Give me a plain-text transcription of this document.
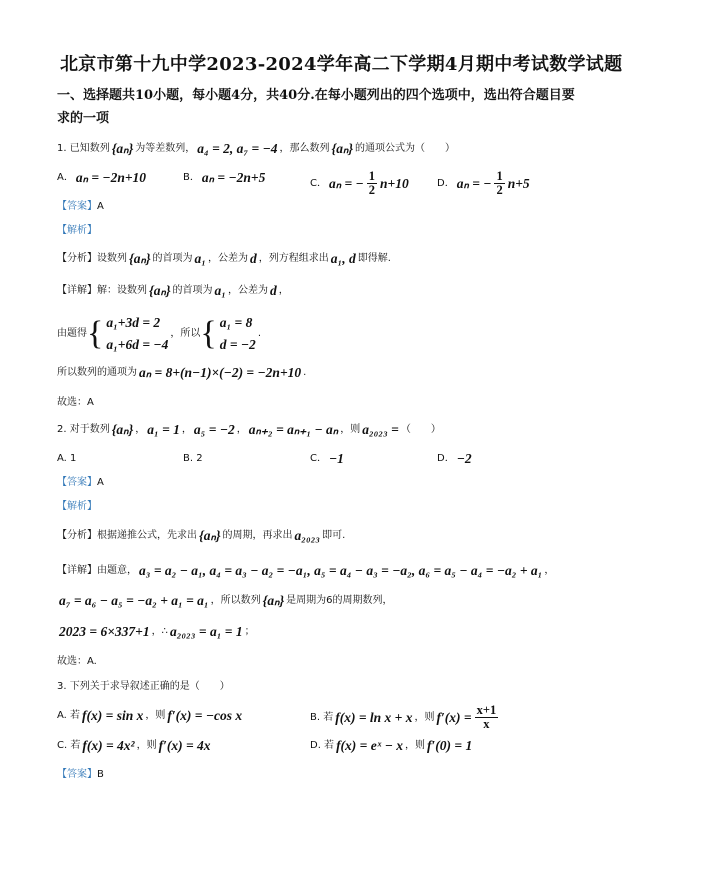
北京市第十九中学2023-2024学年高二下学期4月期中考试数学试题
一、选择题共10小题，每小题4分，共40分.在每小题列出的四个选项中，选出符合题目要
求的一项
1. 已知数列 {aₙ} 为等差数列， a₄ = 2, a₇ = −4 ，那么数列 {aₙ} 的通项公式为（　　）
A． aₙ = −2n+10	B． aₙ = −2n+5	C． aₙ = − $\frac{1}{2} n+10$	D． aₙ = − $\frac{1}{2} n+5$
【答案】 A
【解析】
【分析】设数列 {aₙ} 的首项为 a₁ ，公差为 d ，列方程组求出 a₁, d 即得解.
【详解】解：设数列 {aₙ} 的首项为 a₁ ，公差为 d ，
由题得 { a₁+3d = 2
a₁+6d = −4
，所以 { a₁ = 8
d = −2
.
所以数列的通项为 aₙ = 8+(n−1)×(−2) = −2n+10 .
故选：A
2. 对于数列 {aₙ} ， a₁ = 1 ， a₅ = −2 ， aₙ₊₂ = aₙ₊₁ − aₙ ，则 a₂₀₂₃ = （　　）
A. 1	B. 2	C． −1	D． −2
【答案】 A
【解析】
【分析】根据递推公式，先求出 {aₙ} 的周期，再求出 a₂₀₂₃ 即可.
【详解】由题意， a₃ = a₂ − a₁, a₄ = a₃ − a₂ = −a₁, a₅ = a₄ − a₃ = −a₂, a₆ = a₅ − a₄ = −a₂ + a₁ ，
a₇ = a₆ − a₅ = −a₂ + a₁ = a₁ ，所以数列 {aₙ} 是周期为6的周期数列，
2023 = 6×337+1 ，∴ a₂₀₂₃ = a₁ = 1 ；
故选：A.
3. 下列关于求导叙述正确的是（　　）
A. 若 f(x) = sin x ，则 f′(x) = −cos x	B. 若 f(x) = ln x + x ，则 $f'(x) = \frac{x+1}{x}$
C. 若 f(x) = 4x² ，则 f′(x) = 4x	D. 若 f(x) = eˣ − x ，则 f′(0) = 1
【答案】 B
